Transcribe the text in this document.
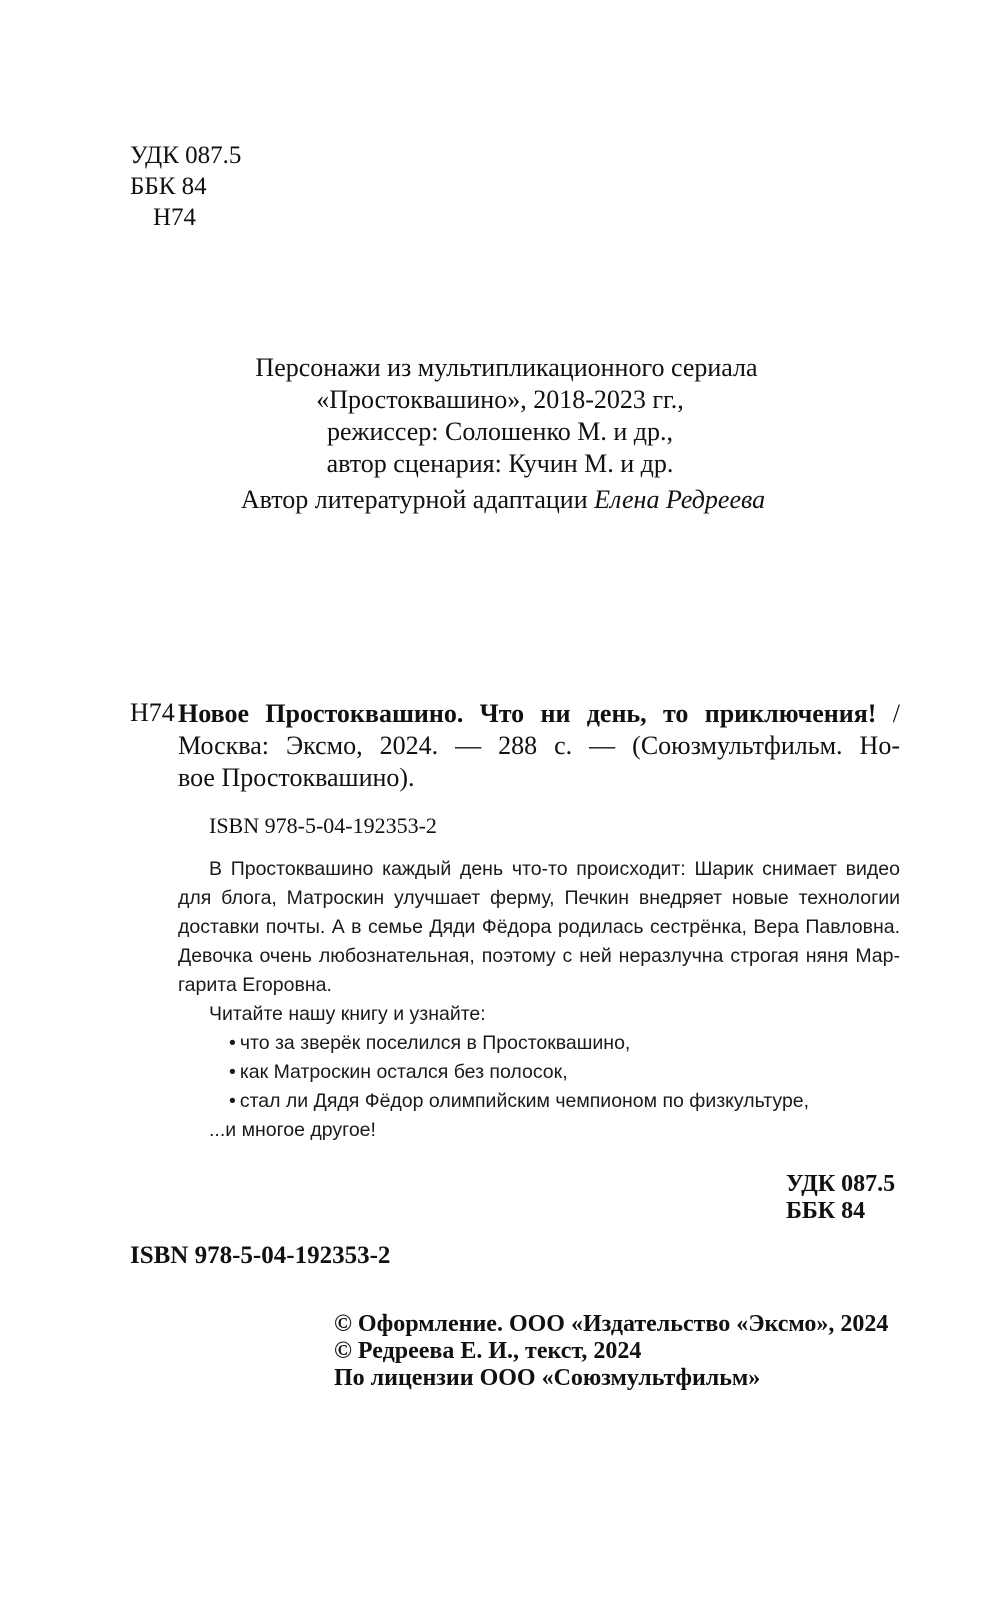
УДК 087.5
ББК 84
Н74
Персонажи из мультипликационного сериала
«Простоквашино», 2018-2023 гг.,
режиссер: Солошенко М. и др.,
автор сценария: Кучин М. и др.
Автор литературной адаптации Елена Редреева
Н74 Новое Простоквашино. Что ни день, то приключения! /
Москва: Эксмо, 2024. — 288 с. — (Союзмультфильм. Но-
вое Простоквашино).
ISBN 978-5-04-192353-2
В Простоквашино каждый день что-то происходит: Шарик снимает видео
для блога, Матроскин улучшает ферму, Печкин внедряет новые технологии
доставки почты. А в семье Дяди Фёдора родилась сестрёнка, Вера Павловна.
Девочка очень любознательная, поэтому с ней неразлучна строгая няня Мар-
гарита Егоровна.
Читайте нашу книгу и узнайте:
• что за зверёк поселился в Простоквашино,
• как Матроскин остался без полосок,
• стал ли Дядя Фёдор олимпийским чемпионом по физкультуре,
...и многое другое!
УДК 087.5
ББК 84
ISBN 978-5-04-192353-2
© Оформление. ООО «Издательство «Эксмо», 2024
© Редреева Е. И., текст, 2024
По лицензии ООО «Союзмультфильм»
